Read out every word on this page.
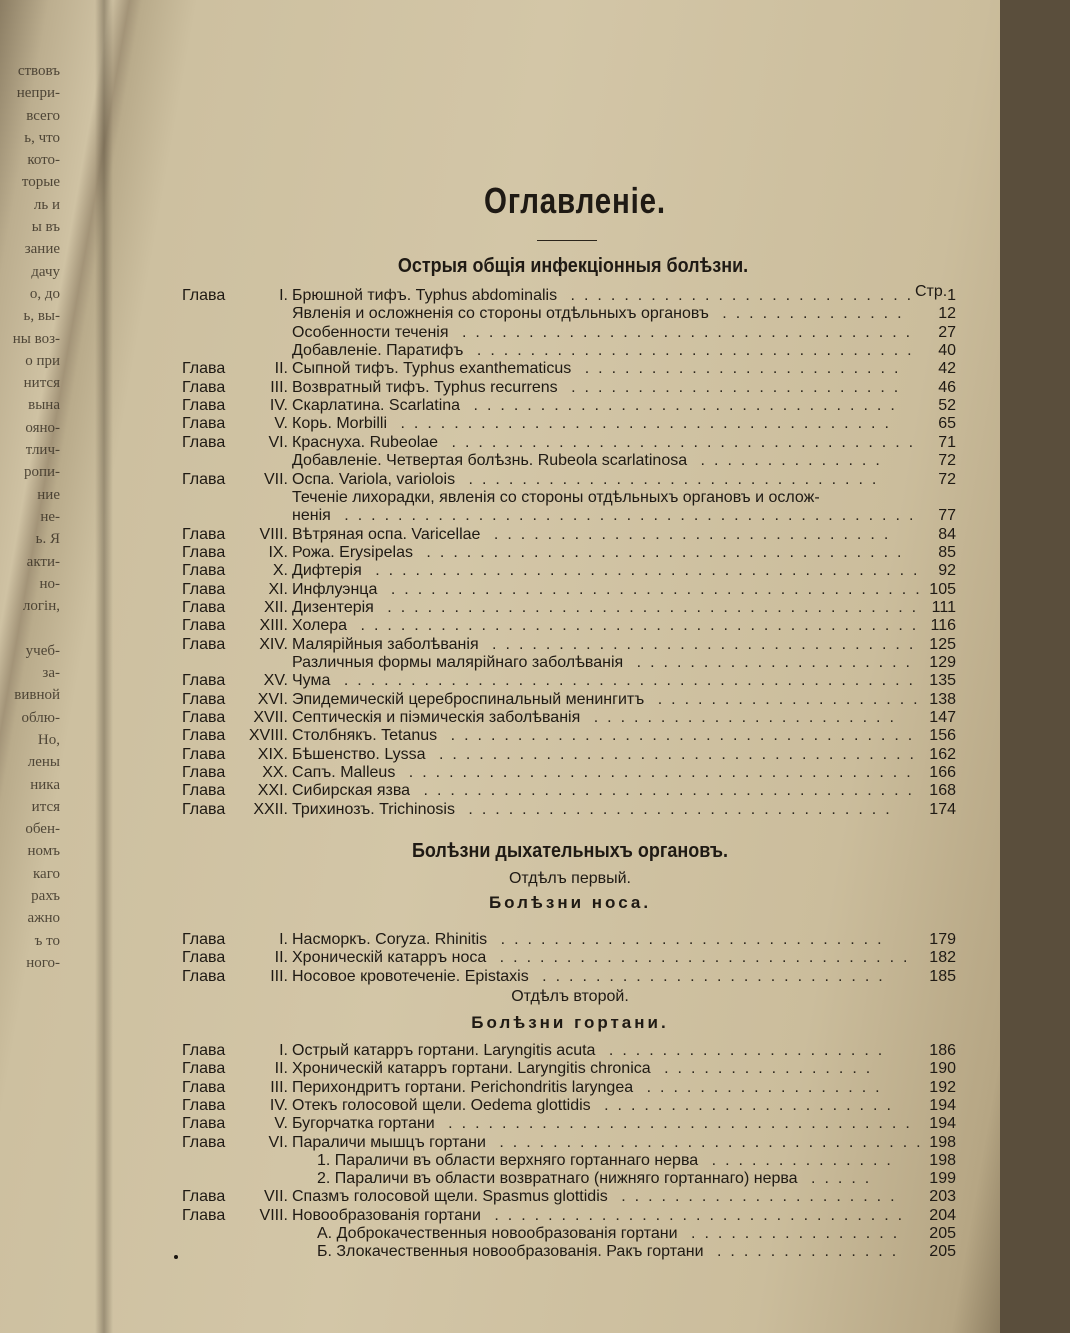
ствовъ
непри-
всего
ь, что
кото-
торые
ль и
ы въ
зание
дачу
о, до
ь, вы-
ны воз-
о при
нится
вына
ояно-
тлич-
ропи-
ние
не-
ь. Я
акти-
но-
логін,
учеб-
за-
вивной
облю-
Но,
лены
ника
ится
обен-
номъ
каго
рахъ
ажно
ъ то
ного-
Оглавленіе.
Острыя общія инфекціонныя болѣзни.
Стр.
Глава	I. Брюшной тифъ. Typhus abdominalis ..........................	1
Явленія и осложненія со стороны отдѣльныхъ органовъ ..............	12
Особенности теченія ..................................	27
Добавленіе. Паратифъ .................................	40
Глава	II. Сыпной тифъ. Typhus exanthematicus ........................	42
Глава	III. Возвратный тифъ. Typhus recurrens .........................	46
Глава	IV. Скарлатина. Scarlatina ................................	52
Глава	V. Корь. Morbilli .....................................	65
Глава	VI. Краснуха. Rubeolae ...................................	71
Добавленіе. Четвертая болѣзнь. Rubeola scarlatinosa ..............	72
Глава	VII. Оспа. Variola, variolois ...............................	72
Теченіе лихорадки, явленія со стороны отдѣльныхъ органовъ и ослож-
ненія ........................................... 77
Глава	VIII. Вѣтряная оспа. Varicellae ..............................	84
Глава	IX. Рожа. Erysipelas ....................................	85
Глава	X. Дифтерія ......................................... 92
Глава	XI. Инфлуэнца ........................................ 105
Глава	XII. Дизентерія ........................................ 111
Глава	XIII. Холера .......................................... 116
Глава	XIV. Малярійныя заболѣванія ................................ 125
Различныя формы малярійнаго заболѣванія ..................... 129
Глава	XV. Чума ........................................... 135
Глава	XVI. Эпидемическій цереброспинальный менингитъ .................... 138
Глава	XVII. Септическія и піэмическія заболѣванія .......................	147
Глава	XVIII. Столбнякъ. Tetanus ................................... 156
Глава	XIX. Бѣшенство. Lyssa .................................... 162
Глава	XX. Сапъ. Malleus ...................................... 166
Глава	XXI. Сибирская язва ..................................... 168
Глава	XXII. Трихинозъ. Trichinosis ................................	174
Болѣзни дыхательныхъ органовъ.
Отдѣлъ первый.
Болѣзни носа.
Глава	I. Насморкъ. Coryza. Rhinitis .............................	179
Глава	II. Хроническій катарръ носа ............................... 182
Глава	III. Носовое кровотеченіе. Epistaxis ..........................	185
Отдѣлъ второй.
Болѣзни гортани.
Глава	I. Острый катарръ гортани. Laryngitis acuta .....................	186
Глава	II. Хроническій катарръ гортани. Laryngitis chronica ................	190
Глава	III. Перихондритъ гортани. Perichondritis laryngea ..................	192
Глава	IV. Отекъ голосовой щели. Oedema glottidis ......................	194
Глава	V. Бугорчатка гортани ................................... 194
Глава	VI. Параличи мышцъ гортани ................................ 198
1. Параличи въ области верхняго гортаннаго нерва ..............	198
2. Параличи въ области возвратнаго (нижняго гортаннаго) нерва .....	199
Глава	VII. Спазмъ голосовой щели. Spasmus glottidis .....................	203
Глава	VIII. Новообразованія гортани ...............................	204
А. Доброкачественныя новообразованія гортани ................	205
Б. Злокачественныя новообразованія. Ракъ гортани ..............	205
